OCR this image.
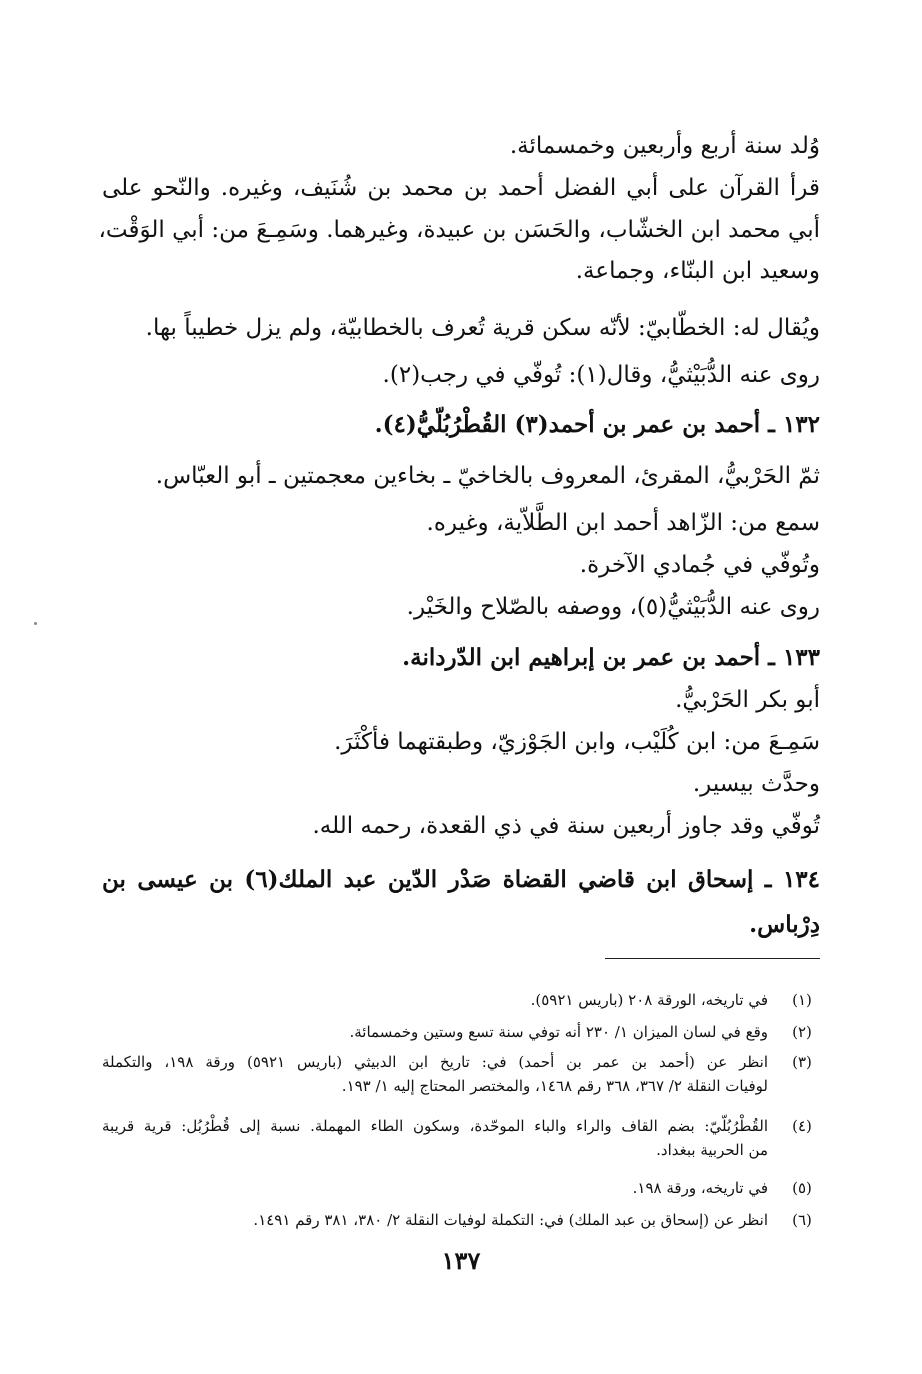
وُلد سنة أربع وأربعين وخمسمائة.
قرأ القرآن على أبي الفضل أحمد بن محمد بن شُنَيف، وغيره. والنّحو على
أبي محمد ابن الخشّاب، والحَسَن بن عبيدة، وغيرهما. وسَمِـعَ من: أبي الوَقْت،
وسعيد ابن البنّاء، وجماعة.
ويُقال له: الخطّابيّ: لأنّه سكن قرية تُعرف بالخطابيّة، ولم يزل خطيباً بها.
روى عنه الدُّبَيْثيُّ، وقال(١): تُوفّي في رجب(٢).
١٣٢ ـ أحمد بن عمر بن أحمد(٣) القُطْرُبُلّيُّ(٤).
ثمّ الحَرْبيُّ، المقرئ، المعروف بالخاخيّ ـ بخاءين معجمتين ـ أبو العبّاس.
سمع من: الزّاهد أحمد ابن الطَّلاّية، وغيره.
وتُوفّي في جُمادي الآخرة.
روى عنه الدُّبَيْثيُّ(٥)، ووصفه بالصّلاح والخَيْر.
١٣٣ ـ أحمد بن عمر بن إبراهيم ابن الدّردانة.
أبو بكر الحَرْبيُّ.
سَمِـعَ من: ابن كُلَيْب، وابن الجَوْزيّ، وطبقتهما فأكْثَرَ.
وحدَّث بيسير.
تُوفّي وقد جاوز أربعين سنة في ذي القعدة، رحمه الله.
١٣٤ ـ إسحاق ابن قاضي القضاة صَدْر الدّين عبد الملك(٦) بن عيسى بن
دِرْباس.
(١)
في تاريخه، الورقة ٢٠٨ (باريس ٥٩٢١).
(٢)
وقع في لسان الميزان ١/ ٢٣٠ أنه توفي سنة تسع وستين وخمسمائة.
(٣)
انظر عن (أحمد بن عمر بن أحمد) في: تاريخ ابن الدبيثي (باريس ٥٩٢١) ورقة ١٩٨، والتكملة
لوفيات النقلة ٢/ ٣٦٧، ٣٦٨ رقم ١٤٦٨، والمختصر المحتاج إليه ١/ ١٩٣.
(٤)
القُطْرُبُلّيّ: بضم القاف والراء والباء الموحّدة، وسكون الطاء المهملة. نسبة إلى قُطْرُبُل: قرية قريبة
من الحربية ببغداد.
(٥)
في تاريخه، ورقة ١٩٨.
(٦)
انظر عن (إسحاق بن عبد الملك) في: التكملة لوفيات النقلة ٢/ ٣٨٠، ٣٨١ رقم ١٤٩١.
١٣٧
